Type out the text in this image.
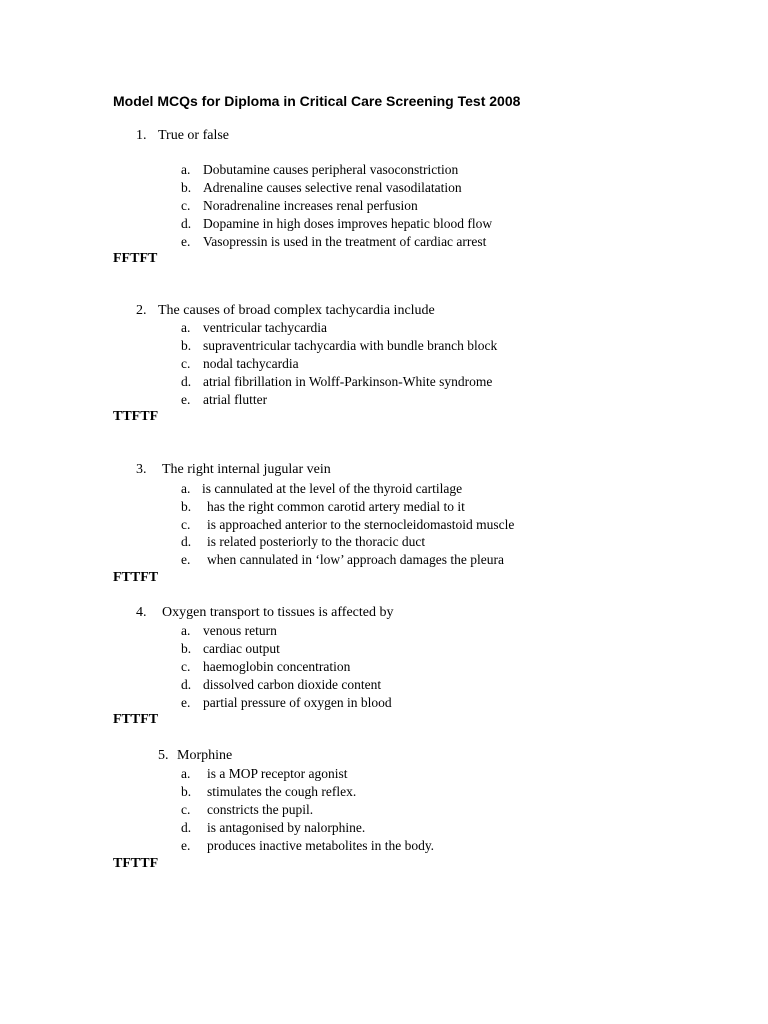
Model MCQs for Diploma in Critical Care Screening Test 2008
1. True or false
a. Dobutamine causes peripheral vasoconstriction
b. Adrenaline causes selective renal vasodilatation
c. Noradrenaline increases renal perfusion
d. Dopamine in high doses improves hepatic blood flow
e. Vasopressin is used in the treatment of cardiac arrest
FFTFT
2. The causes of broad complex tachycardia include
a. ventricular tachycardia
b. supraventricular tachycardia with bundle branch block
c. nodal tachycardia
d. atrial fibrillation in Wolff-Parkinson-White syndrome
e. atrial flutter
TTFTF
3. The right internal jugular vein
a. is cannulated at the level of the thyroid cartilage
b. has the right common carotid artery medial to it
c. is approached anterior to the sternocleidomastoid muscle
d. is related posteriorly to the thoracic duct
e. when cannulated in ‘low’ approach damages the pleura
FTTFT
4. Oxygen transport to tissues is affected by
a. venous return
b. cardiac output
c. haemoglobin concentration
d. dissolved carbon dioxide content
e. partial pressure of oxygen in blood
FTTFT
5. Morphine
a. is a MOP receptor agonist
b. stimulates the cough reflex.
c. constricts the pupil.
d. is antagonised by nalorphine.
e. produces inactive metabolites in the body.
TFTTF
